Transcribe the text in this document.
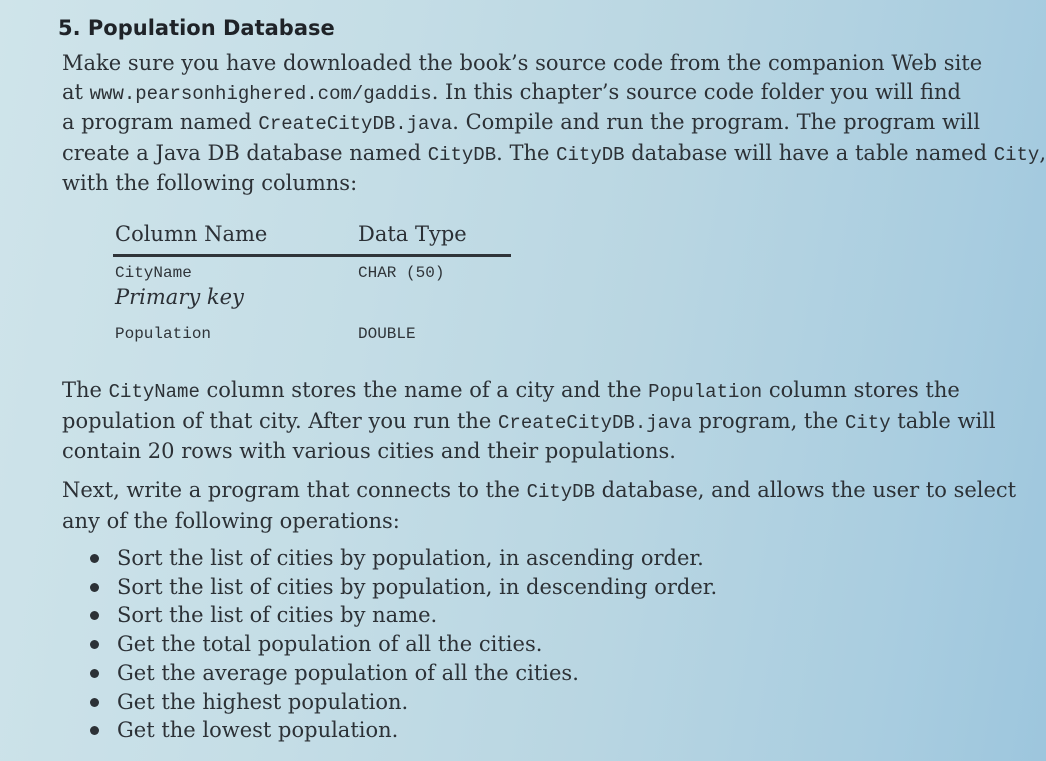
5. Population Database
Make sure you have downloaded the book’s source code from the companion Web site
at www.pearsonhighered.com/gaddis. In this chapter’s source code folder you will find
a program named CreateCityDB.java. Compile and run the program. The program will
create a Java DB database named CityDB. The CityDB database will have a table named City,
with the following columns:
Column Name	Data Type
CityName
Primary key
CHAR (50)
Population	DOUBLE
The CityName column stores the name of a city and the Population column stores the
population of that city. After you run the CreateCityDB.java program, the City table will
contain 20 rows with various cities and their populations.
Next, write a program that connects to the CityDB database, and allows the user to select
any of the following operations:
Sort the list of cities by population, in ascending order.
Sort the list of cities by population, in descending order.
Sort the list of cities by name.
Get the total population of all the cities.
Get the average population of all the cities.
Get the highest population.
Get the lowest population.
